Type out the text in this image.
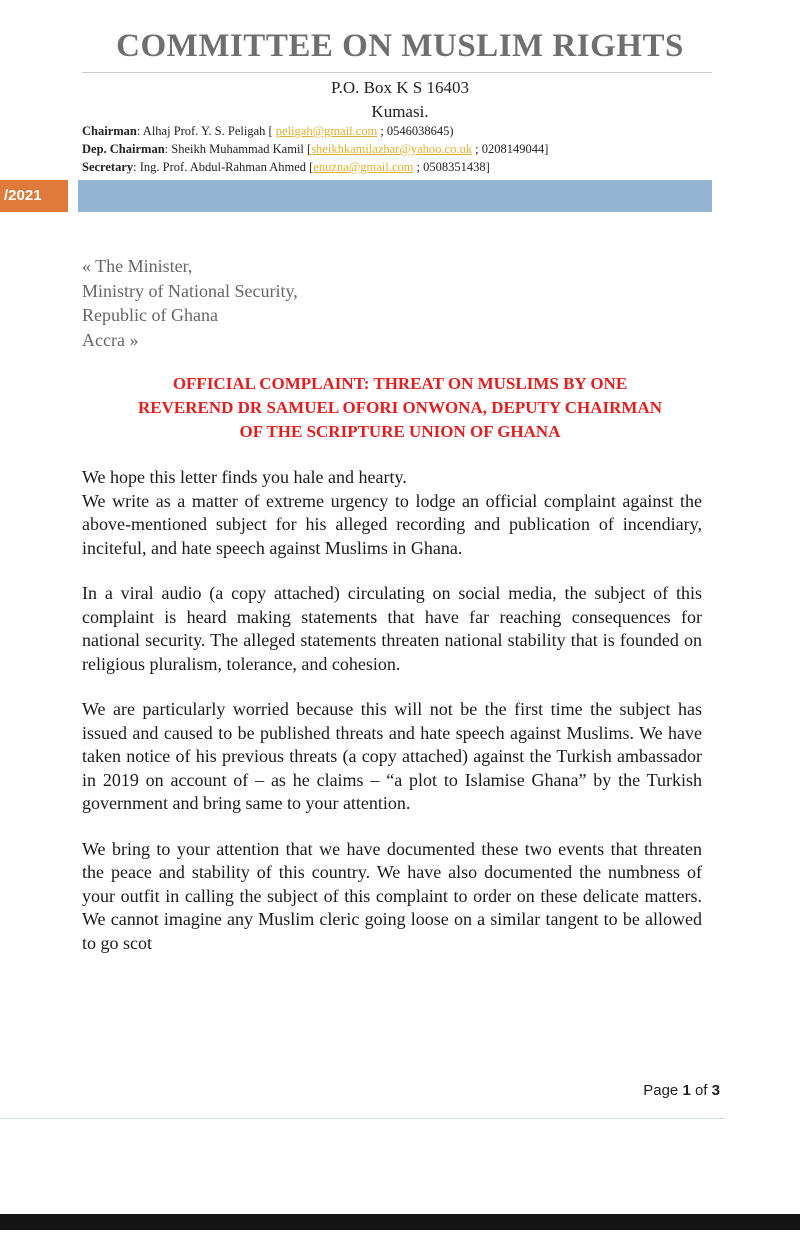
COMMITTEE ON MUSLIM RIGHTS
P.O. Box K S 16403
Kumasi.
Chairman: Alhaj Prof. Y. S. Peligah [ peligah@gmail.com ; 0546038645)
Dep. Chairman: Sheikh Muhammad Kamil [sheikhkamilazhar@yahoo.co.uk ; 0208149044]
Secretary: Ing. Prof. Abdul-Rahman Ahmed [enuzna@gmail.com ; 0508351438]
/2021
« The Minister,
Ministry of National Security,
Republic of Ghana
Accra »
OFFICIAL COMPLAINT: THREAT ON MUSLIMS BY ONE
REVEREND DR SAMUEL OFORI ONWONA, DEPUTY CHAIRMAN
OF THE SCRIPTURE UNION OF GHANA

We hope this letter finds you hale and hearty.

We write as a matter of extreme urgency to lodge an official complaint against the above-mentioned subject for his alleged recording and publication of incendiary, inciteful, and hate speech against Muslims in Ghana.

In a viral audio (a copy attached) circulating on social media, the subject of this complaint is heard making statements that have far reaching consequences for national security. The alleged statements threaten national stability that is founded on religious pluralism, tolerance, and cohesion.

We are particularly worried because this will not be the first time the subject has issued and caused to be published threats and hate speech against Muslims. We have taken notice of his previous threats (a copy attached) against the Turkish ambassador in 2019 on account of – as he claims – “a plot to Islamise Ghana” by the Turkish government and bring same to your attention.

We bring to your attention that we have documented these two events that threaten the peace and stability of this country. We have also documented the numbness of your outfit in calling the subject of this complaint to order on these delicate matters. We cannot imagine any Muslim cleric going loose on a similar tangent to be allowed to go scot

Page 1 of 3
